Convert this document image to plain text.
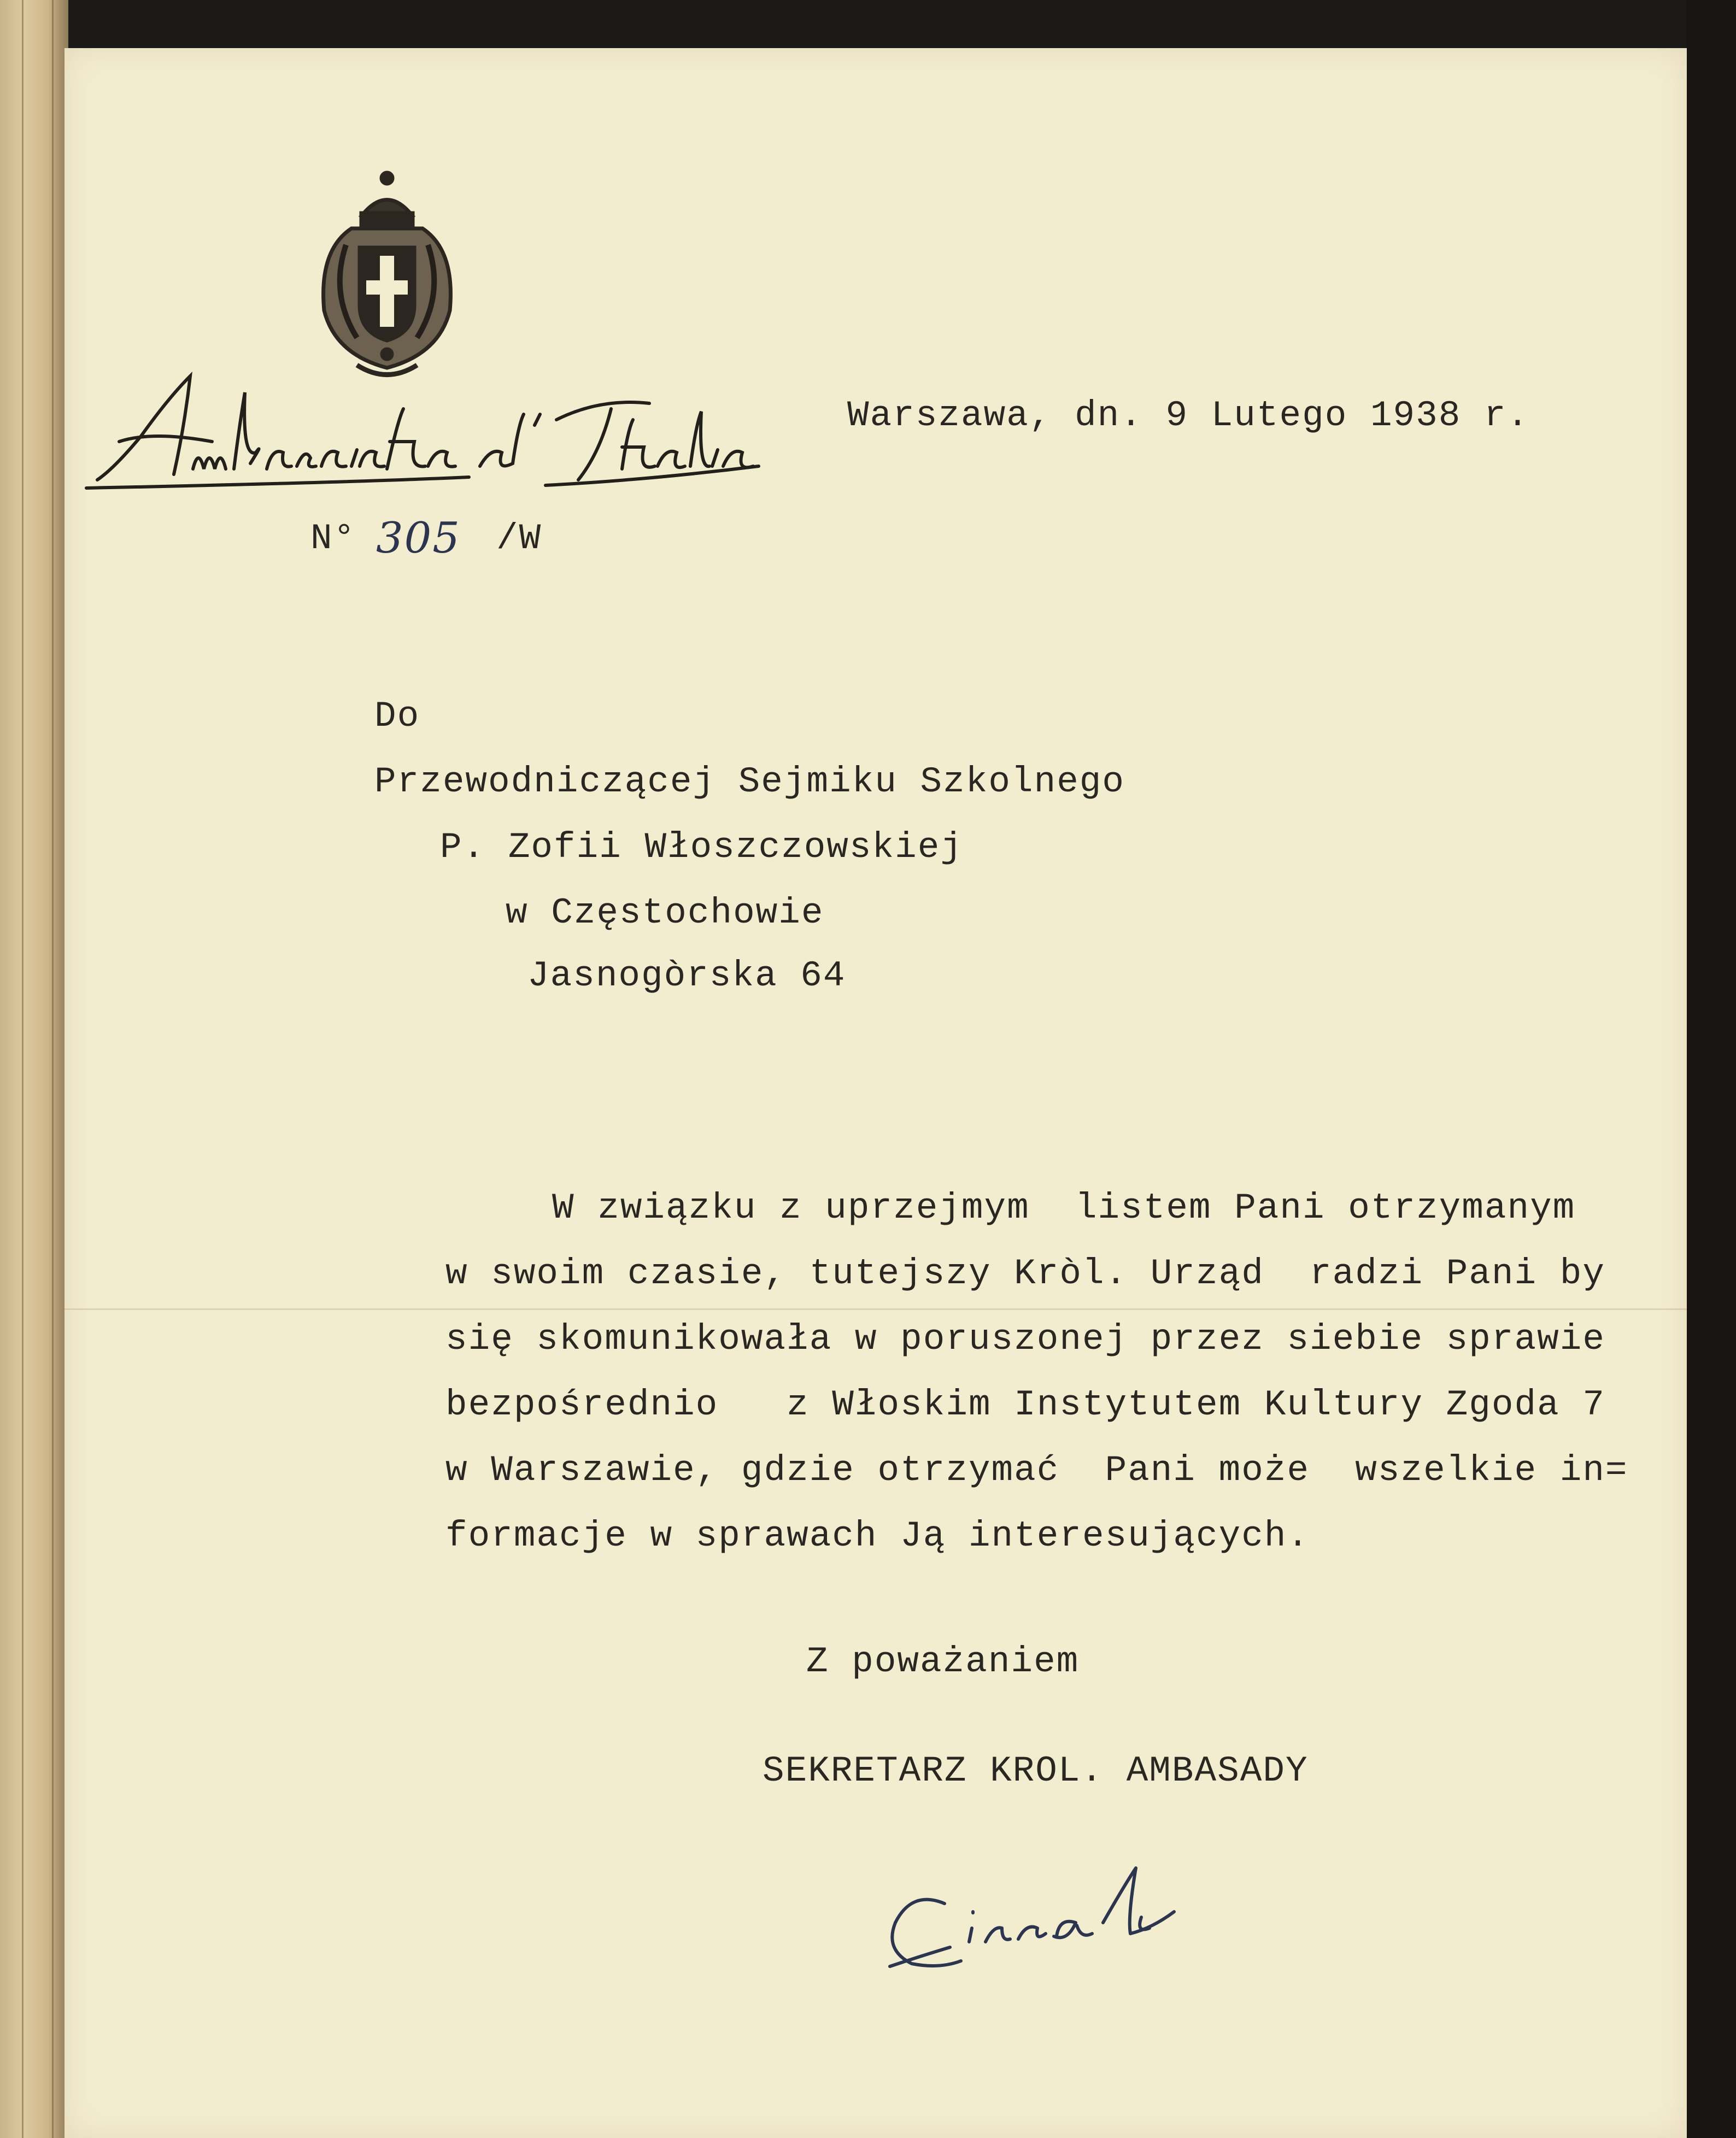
N° 305 /W
Warszawa, dn. 9 Lutego 1938 r.
Do
Przewodniczącej Sejmiku Szkolnego
P. Zofii Włoszczowskiej
w Częstochowie
Jasnogòrska 64
W związku z uprzejmym  listem Pani otrzymanym
w swoim czasie, tutejszy Kròl. Urząd  radzi Pani by
się skomunikowała w poruszonej przez siebie sprawie
bezpośrednio   z Włoskim Instytutem Kultury Zgoda 7
w Warszawie, gdzie otrzymać  Pani może  wszelkie in=
formacje w sprawach Ją interesujących.
Z poważaniem
SEKRETARZ KROL. AMBASADY
